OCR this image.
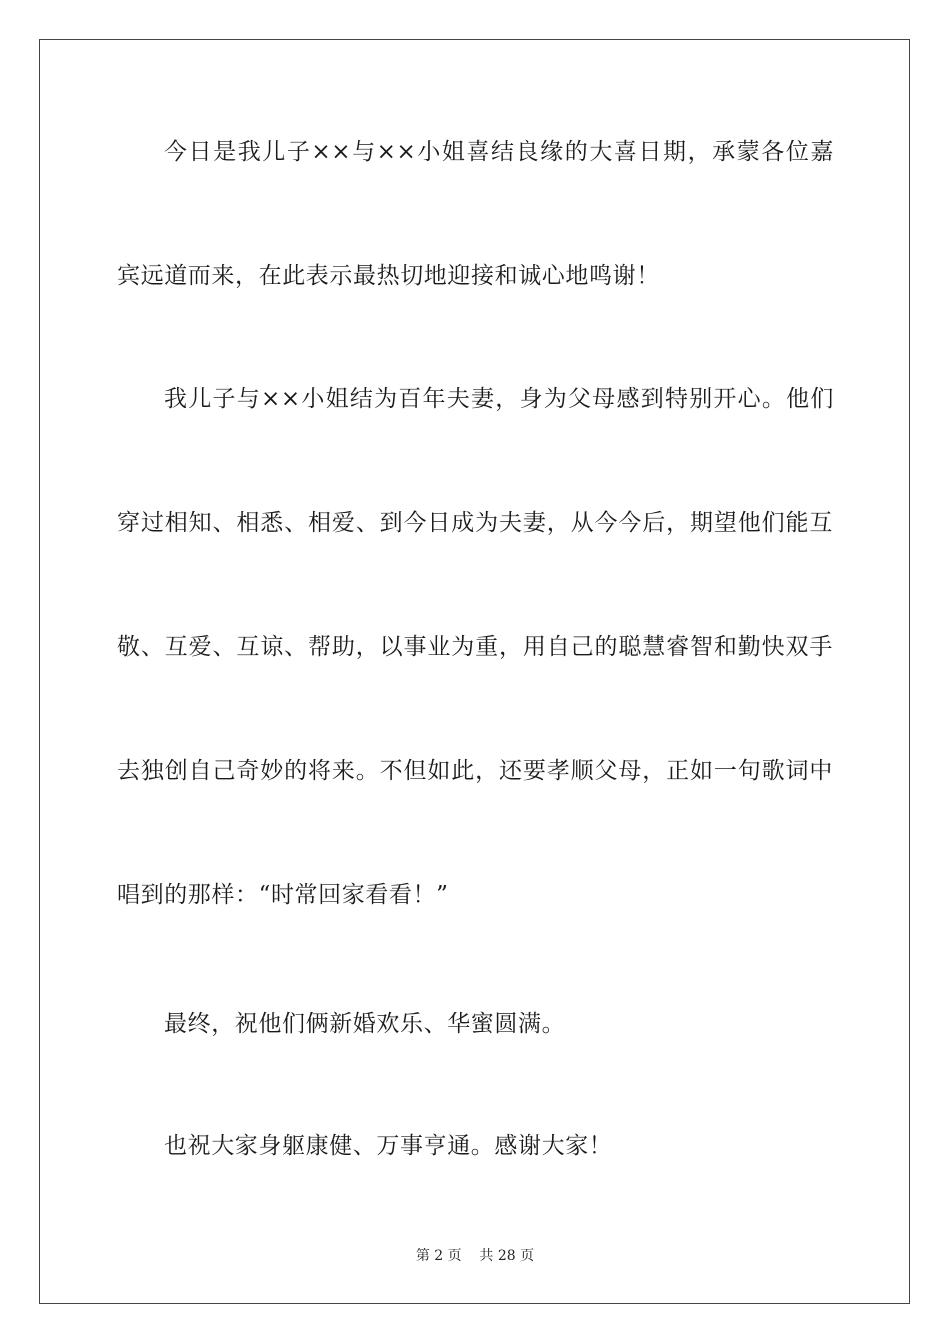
今日是我儿子××与××小姐喜结良缘的大喜日期，承蒙各位嘉
宾远道而来，在此表示最热切地迎接和诚心地鸣谢！
我儿子与××小姐结为百年夫妻，身为父母感到特别开心。他们
穿过相知、相悉、相爱、到今日成为夫妻，从今今后，期望他们能互
敬、互爱、互谅、帮助，以事业为重，用自己的聪慧睿智和勤快双手
去独创自己奇妙的将来。不但如此，还要孝顺父母，正如一句歌词中
唱到的那样：“时常回家看看！”
最终，祝他们俩新婚欢乐、华蜜圆满。
也祝大家身躯康健、万事亨通。感谢大家！
第 2 页    共 28 页
